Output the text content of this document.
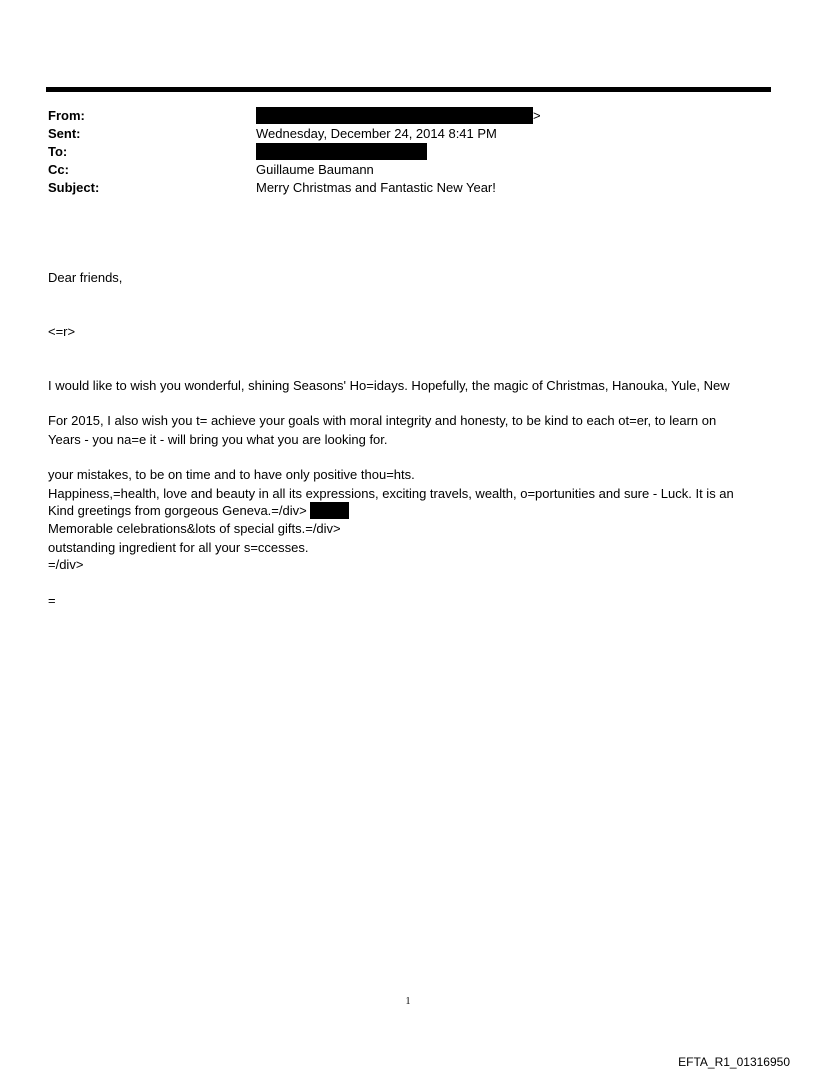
From:	>
Sent:	Wednesday, December 24, 2014 8:41 PM
To:
Cc:	Guillaume Baumann
Subject:	Merry Christmas and Fantastic New Year!

Dear friends,

<=r>

I would like to wish you wonderful, shining Seasons' Ho=idays. Hopefully, the magic of Christmas, Hanouka, Yule, New

Years - you na=e it - will bring you what you are looking for.

Happiness,=health, love and beauty in all its expressions, exciting travels, wealth, o=portunities and sure - Luck. It is an

outstanding ingredient for all your s=ccesses.

For 2015, I also wish you t= achieve your goals with moral integrity and honesty, to be kind to each ot=er, to learn on

your mistakes, to be on time and to have only positive thou=hts.

Memorable celebrations&lots of special gifts.=/div>

Kind greetings from gorgeous Geneva.=/div>

=/div>

=

1
EFTA_R1_01316950
